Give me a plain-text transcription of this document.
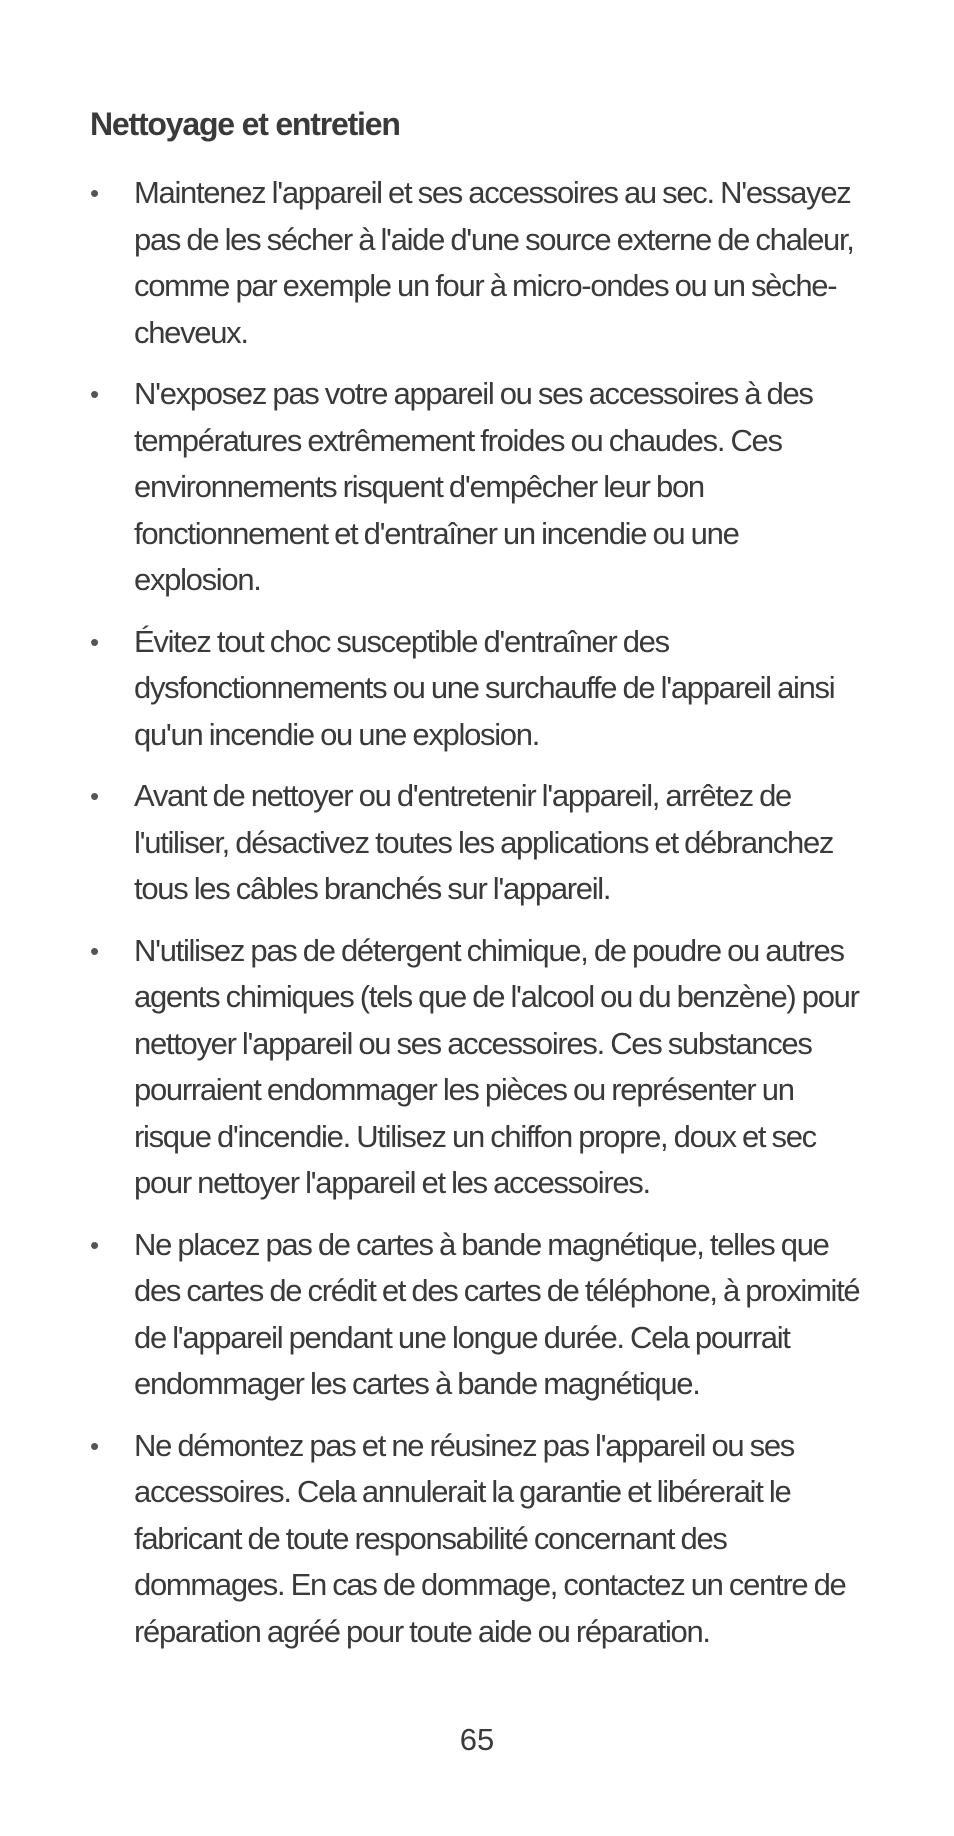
Nettoyage et entretien
• Maintenez l'appareil et ses accessoires au sec. N'essayez pas de les sécher à l'aide d'une source externe de chaleur, comme par exemple un four à micro-ondes ou un sèche-cheveux.
• N'exposez pas votre appareil ou ses accessoires à des températures extrêmement froides ou chaudes. Ces environnements risquent d'empêcher leur bon fonctionnement et d'entraîner un incendie ou une explosion.
• Évitez tout choc susceptible d'entraîner des dysfonctionnements ou une surchauffe de l'appareil ainsi qu'un incendie ou une explosion.
• Avant de nettoyer ou d'entretenir l'appareil, arrêtez de l'utiliser, désactivez toutes les applications et débranchez tous les câbles branchés sur l'appareil.
• N'utilisez pas de détergent chimique, de poudre ou autres agents chimiques (tels que de l'alcool ou du benzène) pour nettoyer l'appareil ou ses accessoires. Ces substances pourraient endommager les pièces ou représenter un risque d'incendie. Utilisez un chiffon propre, doux et sec pour nettoyer l'appareil et les accessoires.
• Ne placez pas de cartes à bande magnétique, telles que des cartes de crédit et des cartes de téléphone, à proximité de l'appareil pendant une longue durée. Cela pourrait endommager les cartes à bande magnétique.
• Ne démontez pas et ne réusinez pas l'appareil ou ses accessoires. Cela annulerait la garantie et libérerait le fabricant de toute responsabilité concernant des dommages. En cas de dommage, contactez un centre de réparation agréé pour toute aide ou réparation.
65
